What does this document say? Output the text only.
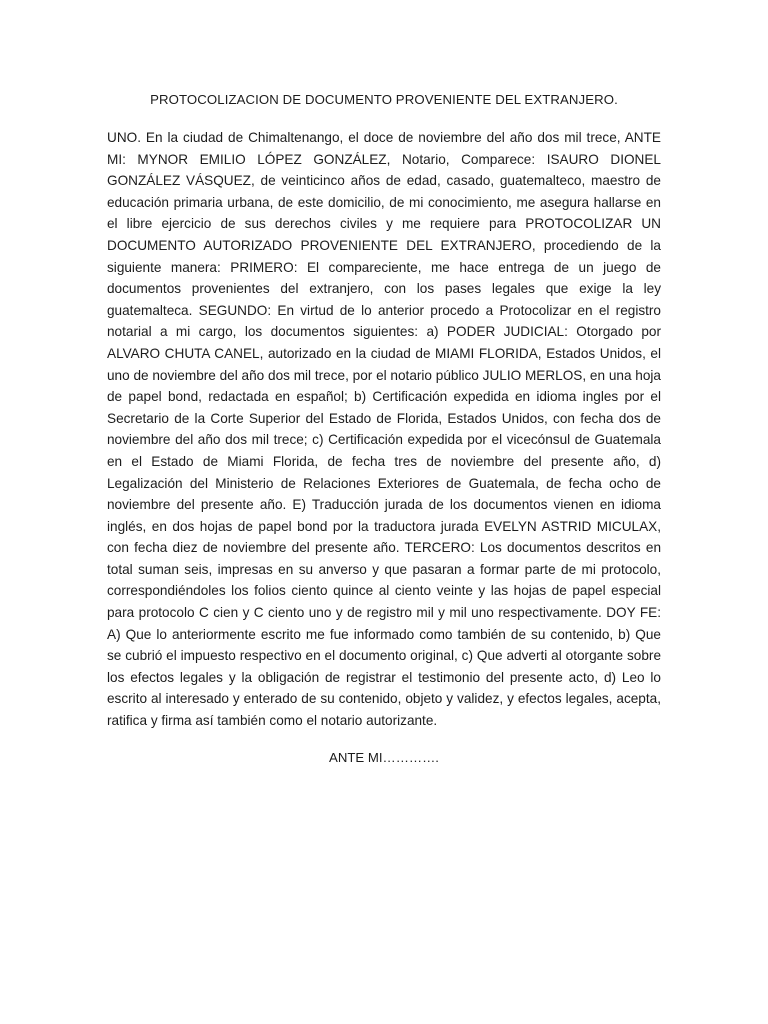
PROTOCOLIZACION DE DOCUMENTO PROVENIENTE DEL EXTRANJERO.
UNO. En la ciudad de Chimaltenango, el doce de noviembre del año dos mil trece, ANTE MI: MYNOR EMILIO LÓPEZ GONZÁLEZ, Notario, Comparece: ISAURO DIONEL GONZÁLEZ VÁSQUEZ, de veinticinco años de edad, casado, guatemalteco, maestro de educación primaria urbana, de este domicilio, de mi conocimiento, me asegura hallarse en el libre ejercicio de sus derechos civiles y me requiere para PROTOCOLIZAR UN DOCUMENTO AUTORIZADO PROVENIENTE DEL EXTRANJERO, procediendo de la siguiente manera: PRIMERO: El compareciente, me hace entrega de un juego de documentos provenientes del extranjero, con los pases legales que exige la ley guatemalteca. SEGUNDO: En virtud de lo anterior procedo a Protocolizar en el registro notarial a mi cargo, los documentos siguientes: a) PODER JUDICIAL: Otorgado por ALVARO CHUTA CANEL, autorizado en la ciudad de MIAMI FLORIDA, Estados Unidos, el uno de noviembre del año dos mil trece, por el notario público JULIO MERLOS, en una hoja de papel bond, redactada en español; b) Certificación expedida en idioma ingles por el Secretario de la Corte Superior del Estado de Florida, Estados Unidos, con fecha dos de noviembre del año dos mil trece; c) Certificación expedida por el vicecónsul de Guatemala en el Estado de Miami Florida, de fecha tres de noviembre del presente año, d) Legalización del Ministerio de Relaciones Exteriores de Guatemala, de fecha ocho de noviembre del presente año. E) Traducción jurada de los documentos vienen en idioma inglés, en dos hojas de papel bond por la traductora jurada EVELYN ASTRID MICULAX, con fecha diez de noviembre del presente año. TERCERO: Los documentos descritos en total suman seis, impresas en su anverso y que pasaran a formar parte de mi protocolo, correspondiéndoles los folios ciento quince al ciento veinte y las hojas de papel especial para protocolo C cien y C ciento uno y de registro mil y mil uno respectivamente. DOY FE: A) Que lo anteriormente escrito me fue informado como también de su contenido, b) Que se cubrió el impuesto respectivo en el documento original, c) Que adverti al otorgante sobre los efectos legales y la obligación de registrar el testimonio del presente acto, d) Leo lo escrito al interesado y enterado de su contenido, objeto y validez, y efectos legales, acepta, ratifica y firma así también como el notario autorizante.
ANTE MI………….
